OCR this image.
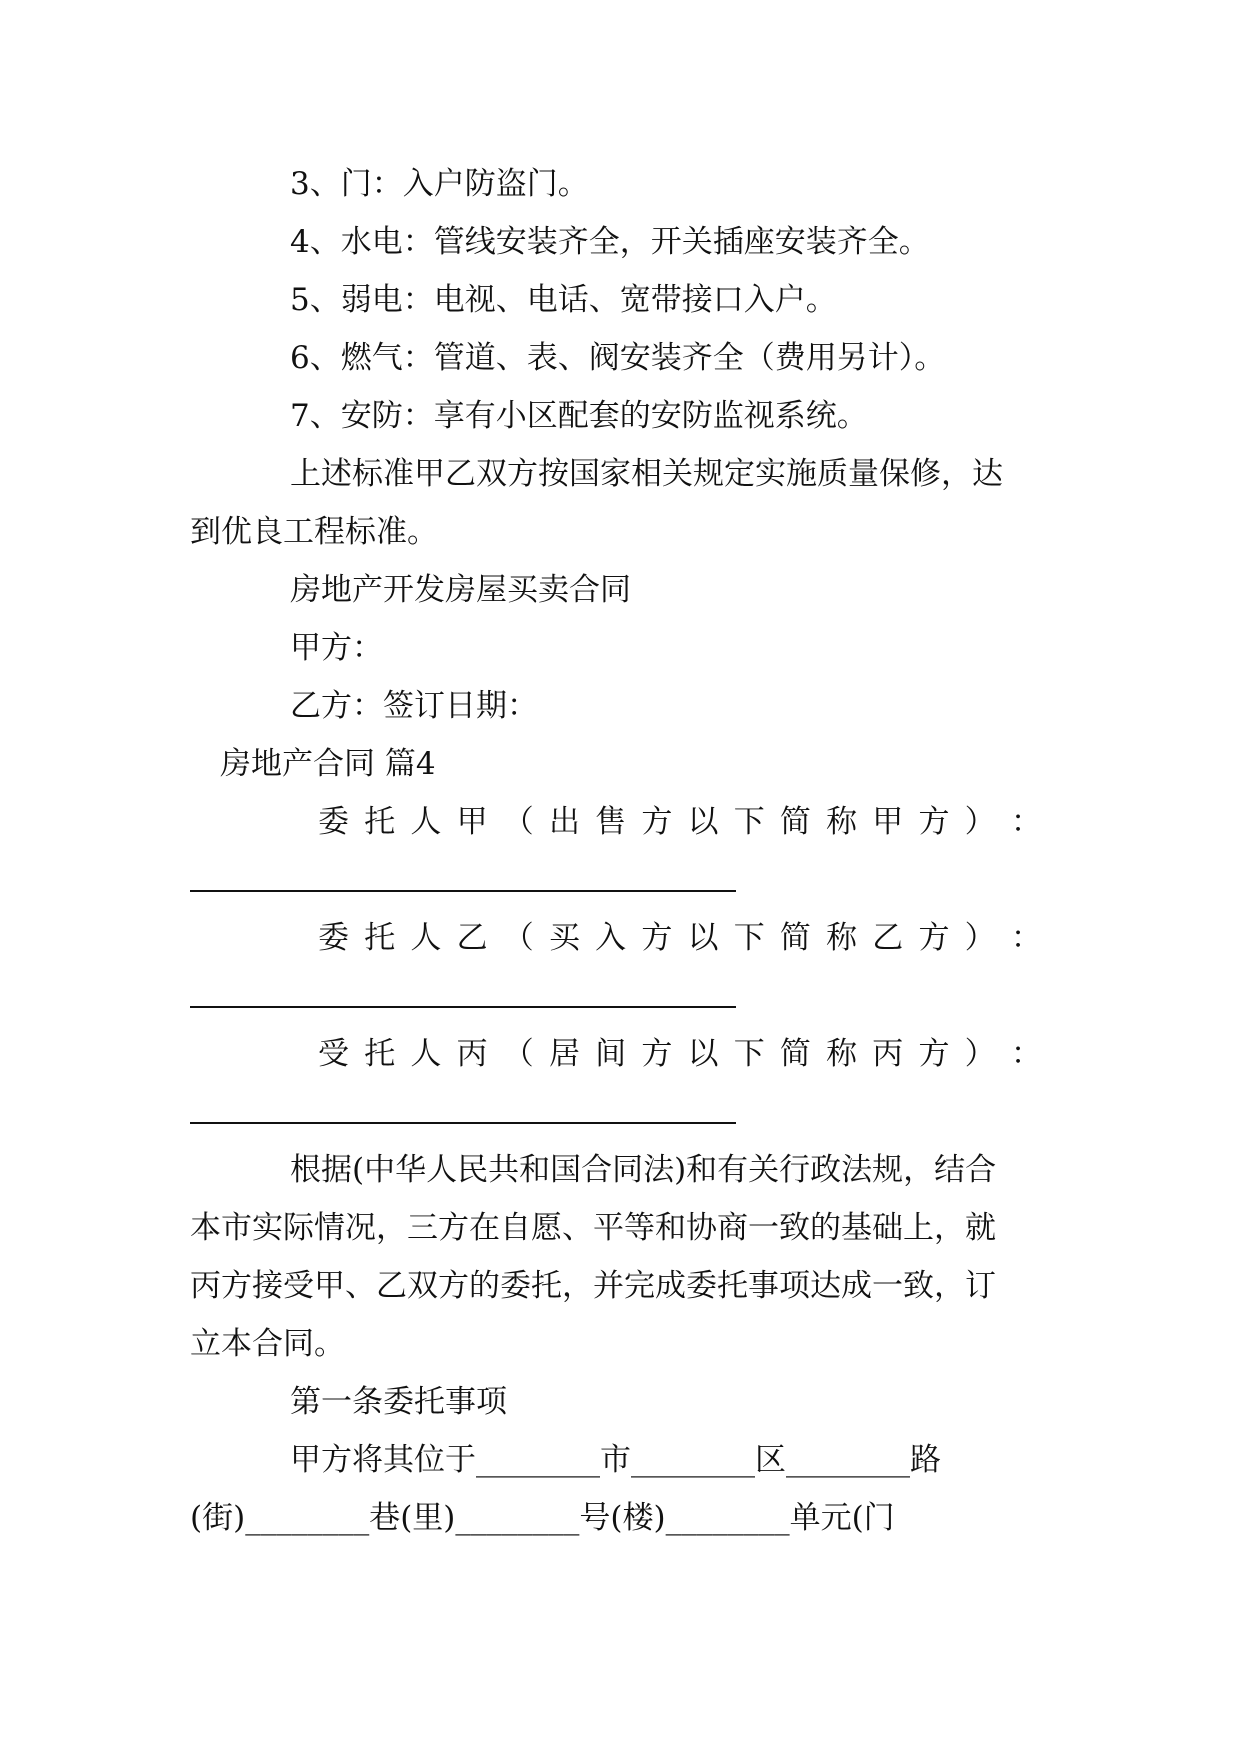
3、门：入户防盗门。
4、水电：管线安装齐全，开关插座安装齐全。
5、弱电：电视、电话、宽带接口入户。
6、燃气：管道、表、阀安装齐全（费用另计）。
7、安防：享有小区配套的安防监视系统。
上述标准甲乙双方按国家相关规定实施质量保修，达
到优良工程标准。
房地产开发房屋买卖合同
甲方：
乙方：签订日期：
房地产合同 篇4
委 托 人 甲 （ 出 售 方 以 下 简 称 甲 方 ） ：
委 托 人 乙 （ 买 入 方 以 下 简 称 乙 方 ） ：
受 托 人 丙 （ 居 间 方 以 下 简 称 丙 方 ） ：
根据(中华人民共和国合同法)和有关行政法规，结合
本市实际情况，三方在自愿、平等和协商一致的基础上，就
丙方接受甲、乙双方的委托，并完成委托事项达成一致，订
立本合同。
第一条委托事项
甲方将其位于________市________区________路
(街)________巷(里)________号(楼)________单元(门
